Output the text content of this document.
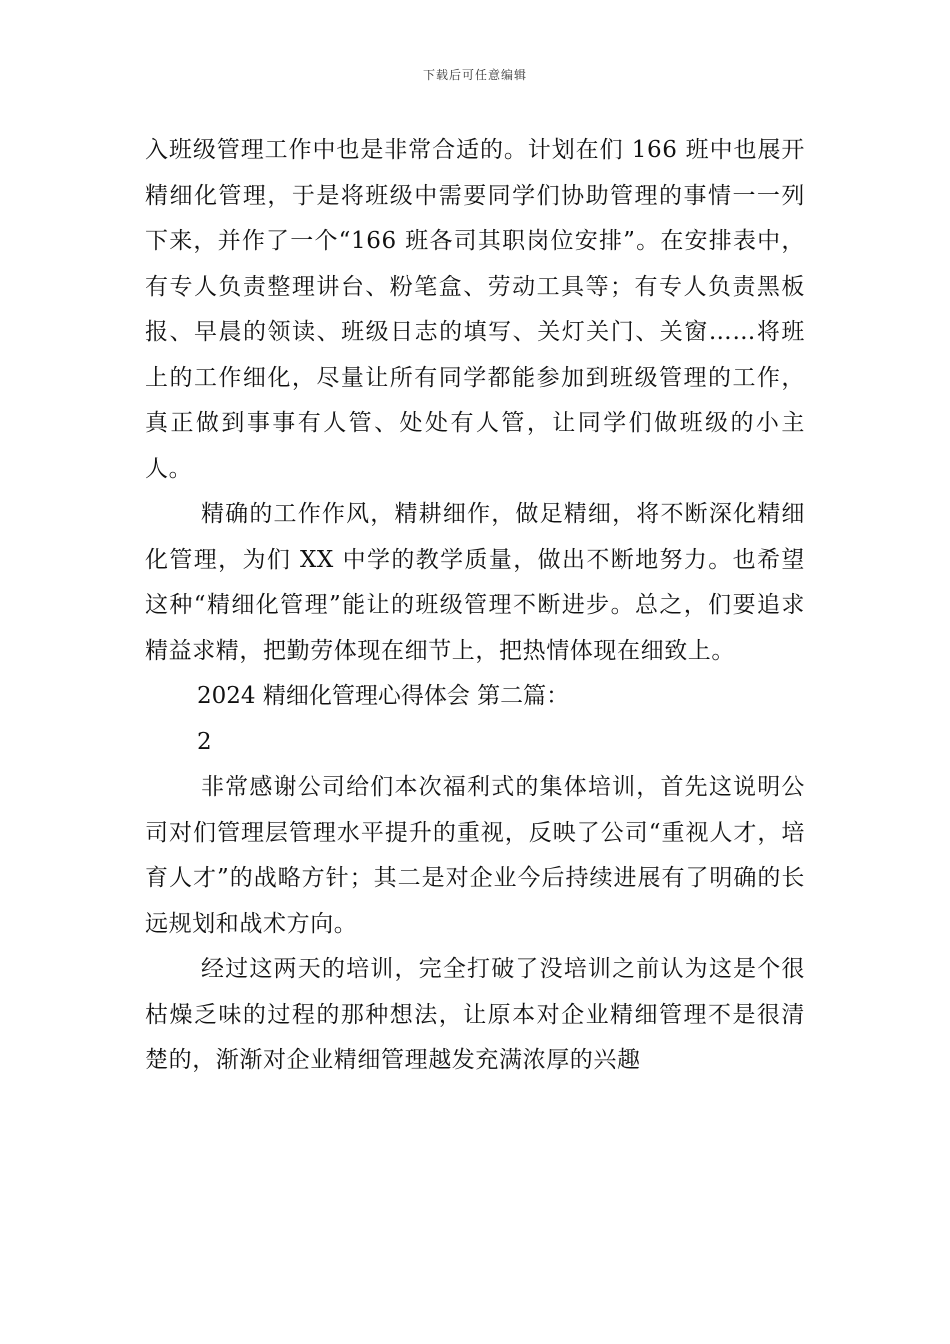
下载后可任意编辑

入班级管理工作中也是非常合适的。计划在们 166 班中也展开精细化管理，于是将班级中需要同学们协助管理的事情一一列下来，并作了一个“166 班各司其职岗位安排”。在安排表中，有专人负责整理讲台、粉笔盒、劳动工具等；有专人负责黑板报、早晨的领读、班级日志的填写、关灯关门、关窗……将班上的工作细化，尽量让所有同学都能参加到班级管理的工作，真正做到事事有人管、处处有人管，让同学们做班级的小主人。

精确的工作作风，精耕细作，做足精细，将不断深化精细化管理，为们 XX 中学的教学质量，做出不断地努力。也希望这种“精细化管理”能让的班级管理不断进步。总之，们要追求精益求精，把勤劳体现在细节上，把热情体现在细致上。

2024 精细化管理心得体会 第二篇：

2

非常感谢公司给们本次福利式的集体培训，首先这说明公司对们管理层管理水平提升的重视，反映了公司“重视人才，培育人才”的战略方针；其二是对企业今后持续进展有了明确的长远规划和战术方向。

经过这两天的培训，完全打破了没培训之前认为这是个很枯燥乏味的过程的那种想法，让原本对企业精细管理不是很清楚的，渐渐对企业精细管理越发充满浓厚的兴趣
